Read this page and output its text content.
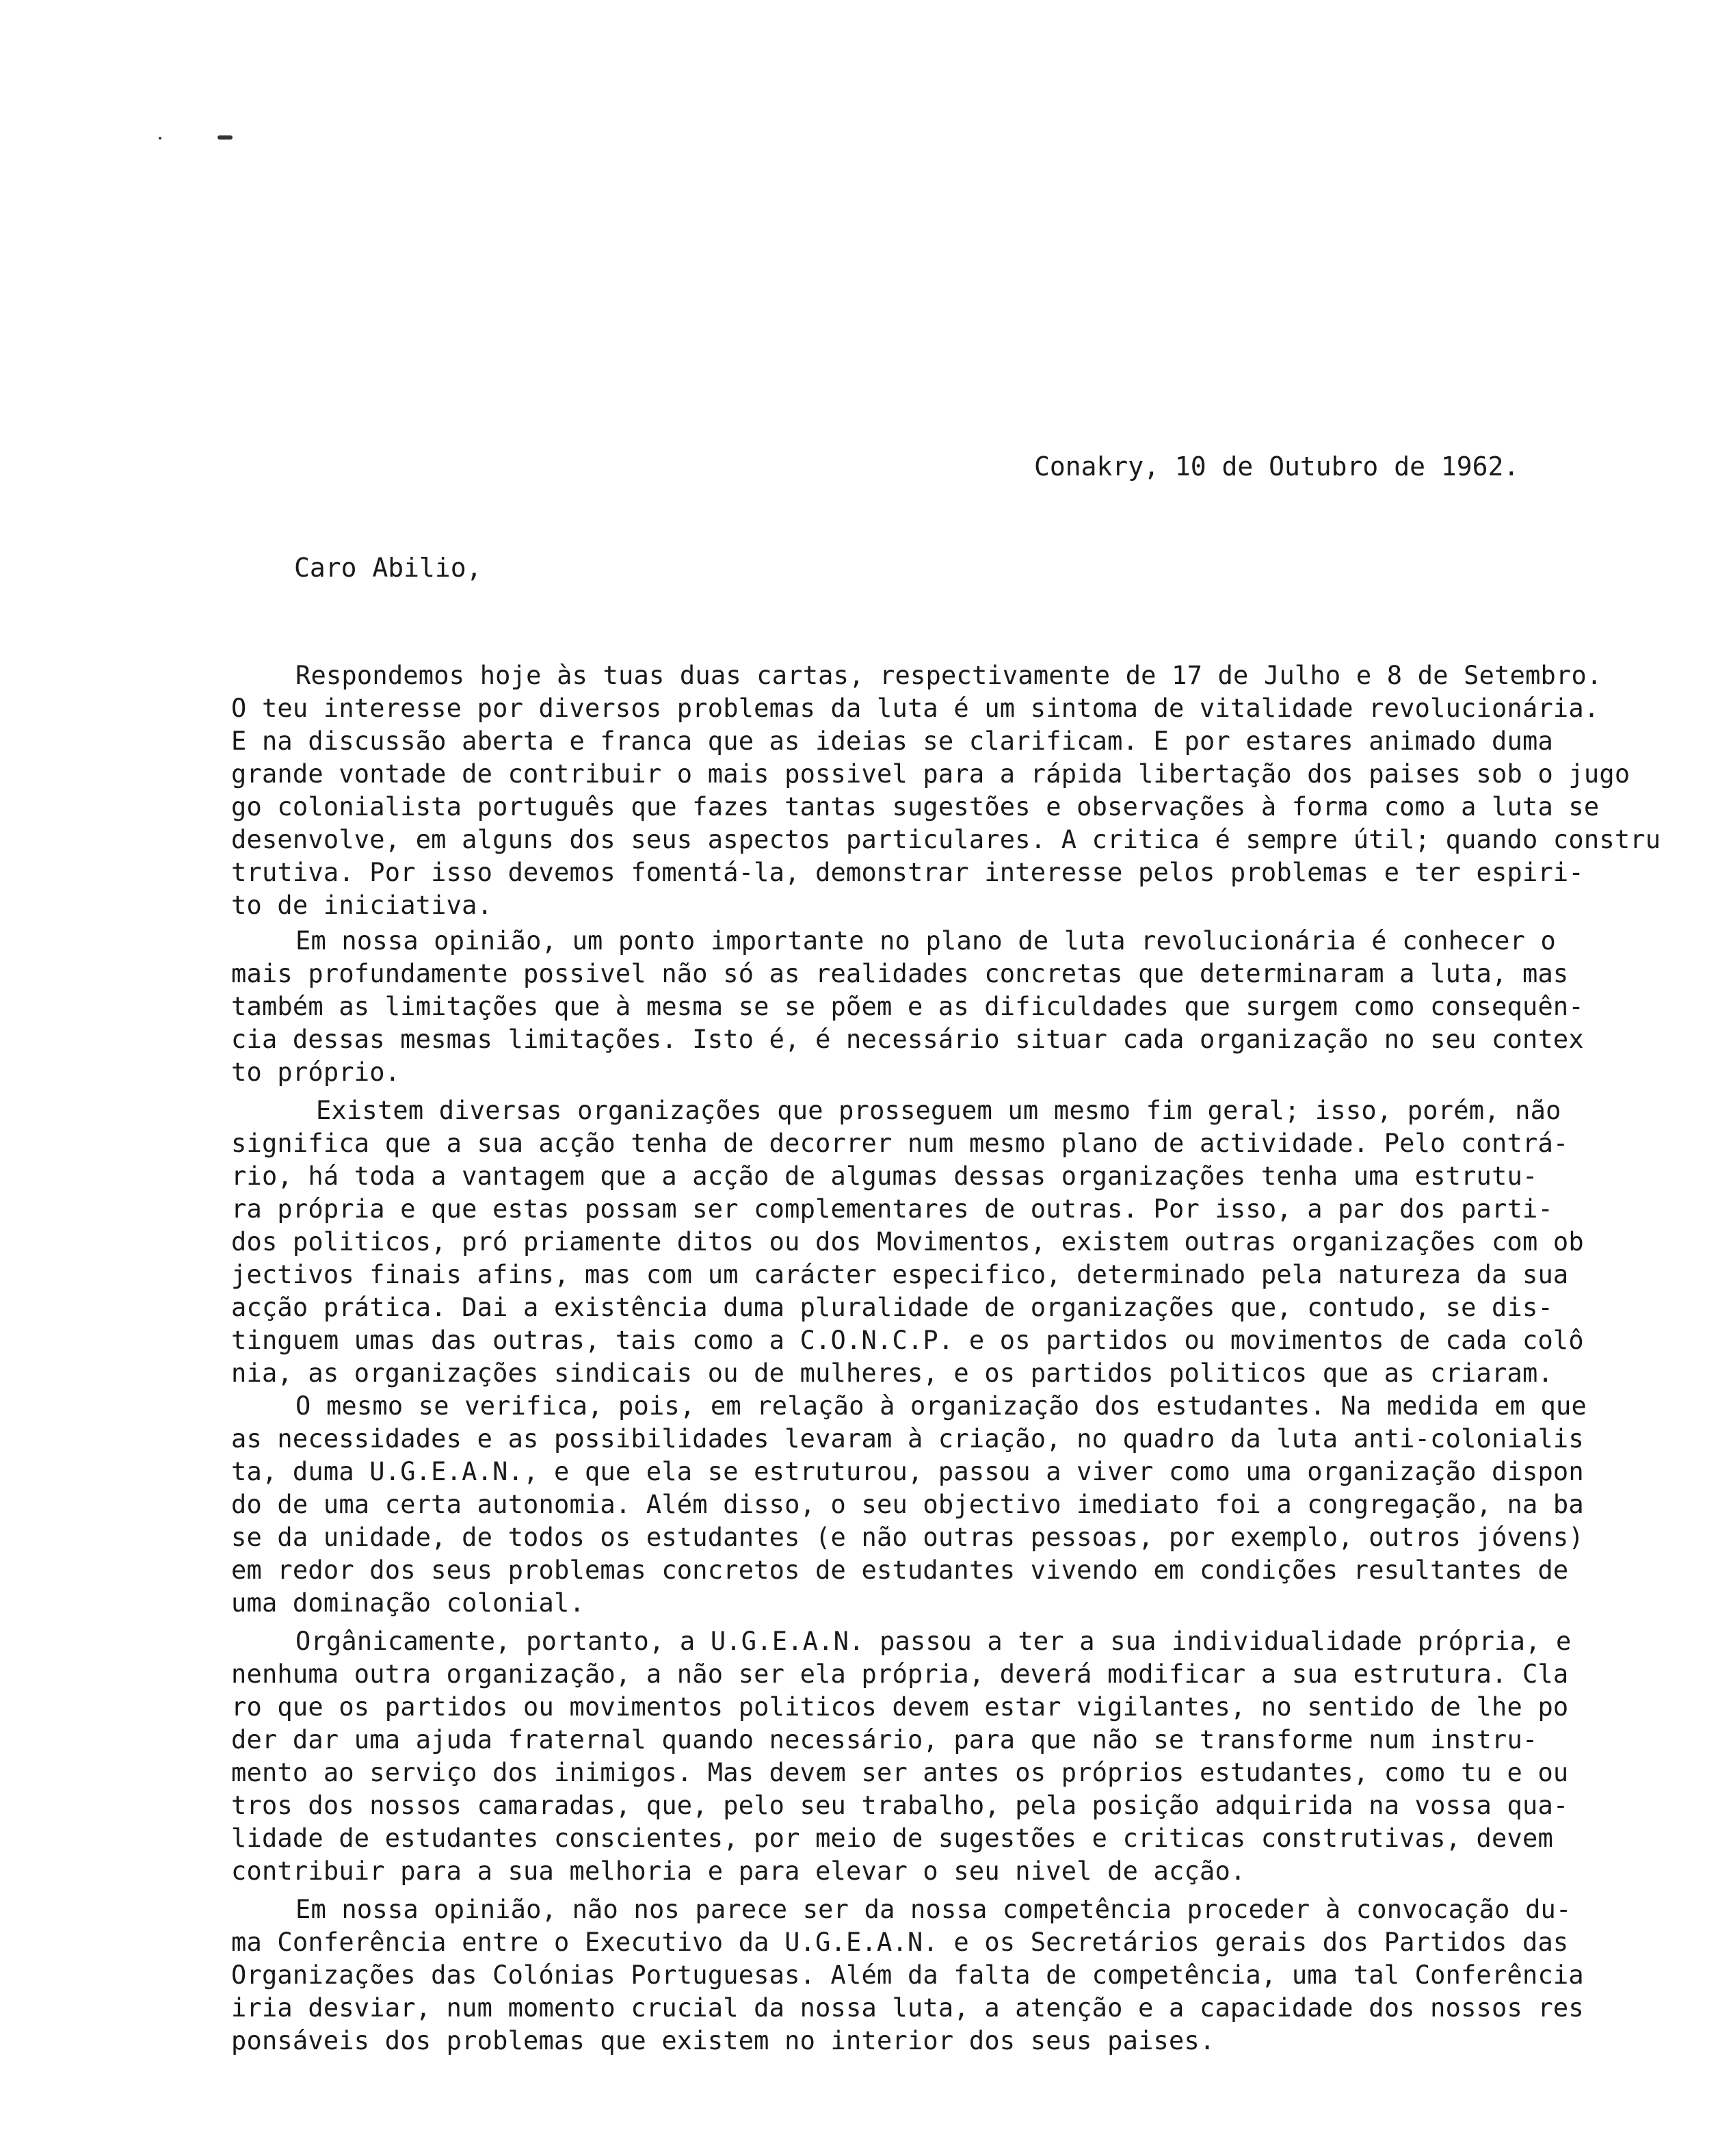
Conakry, 10 de Outubro de 1962.
Caro Abilio,
Respondemos hoje às tuas duas cartas, respectivamente de 17 de Julho e 8 de Setembro.
O teu interesse por diversos problemas da luta é um sintoma de vitalidade revolucionária.
E na discussão aberta e franca que as ideias se clarificam. E por estares animado duma
grande vontade de contribuir o mais possivel para a rápida libertação dos paises sob o jugo
go colonialista português que fazes tantas sugestões e observações à forma como a luta se
desenvolve, em alguns dos seus aspectos particulares. A critica é sempre útil; quando constru
trutiva. Por isso devemos fomentá-la, demonstrar interesse pelos problemas e ter espiri-
to de iniciativa.
Em nossa opinião, um ponto importante no plano de luta revolucionária é conhecer o
mais profundamente possivel não só as realidades concretas que determinaram a luta, mas
também as limitações que à mesma se se põem e as dificuldades que surgem como consequên-
cia dessas mesmas limitações. Isto é, é necessário situar cada organização no seu contex
to próprio.
Existem diversas organizações que prosseguem um mesmo fim geral; isso, porém, não
significa que a sua acção tenha de decorrer num mesmo plano de actividade. Pelo contrá-
rio, há toda a vantagem que a acção de algumas dessas organizações tenha uma estrutu-
ra própria e que estas possam ser complementares de outras. Por isso, a par dos parti-
dos politicos, pró priamente ditos ou dos Movimentos, existem outras organizações com ob
jectivos finais afins, mas com um carácter especifico, determinado pela natureza da sua
acção prática. Dai a existência duma pluralidade de organizações que, contudo, se dis-
tinguem umas das outras, tais como a C.O.N.C.P. e os partidos ou movimentos de cada colô
nia, as organizações sindicais ou de mulheres, e os partidos politicos que as criaram.
O mesmo se verifica, pois, em relação à organização dos estudantes. Na medida em que
as necessidades e as possibilidades levaram à criação, no quadro da luta anti-colonialis
ta, duma U.G.E.A.N., e que ela se estruturou, passou a viver como uma organização dispon
do de uma certa autonomia. Além disso, o seu objectivo imediato foi a congregação, na ba
se da unidade, de todos os estudantes (e não outras pessoas, por exemplo, outros jóvens)
em redor dos seus problemas concretos de estudantes vivendo em condições resultantes de
uma dominação colonial.
Orgânicamente, portanto, a U.G.E.A.N. passou a ter a sua individualidade própria, e
nenhuma outra organização, a não ser ela própria, deverá modificar a sua estrutura. Cla
ro que os partidos ou movimentos politicos devem estar vigilantes, no sentido de lhe po
der dar uma ajuda fraternal quando necessário, para que não se transforme num instru-
mento ao serviço dos inimigos. Mas devem ser antes os próprios estudantes, como tu e ou
tros dos nossos camaradas, que, pelo seu trabalho, pela posição adquirida na vossa qua-
lidade de estudantes conscientes, por meio de sugestões e criticas construtivas, devem
contribuir para a sua melhoria e para elevar o seu nivel de acção.
Em nossa opinião, não nos parece ser da nossa competência proceder à convocação du-
ma Conferência entre o Executivo da U.G.E.A.N. e os Secretários gerais dos Partidos das
Organizações das Colónias Portuguesas. Além da falta de competência, uma tal Conferência
iria desviar, num momento crucial da nossa luta, a atenção e a capacidade dos nossos res
ponsáveis dos problemas que existem no interior dos seus paises.
